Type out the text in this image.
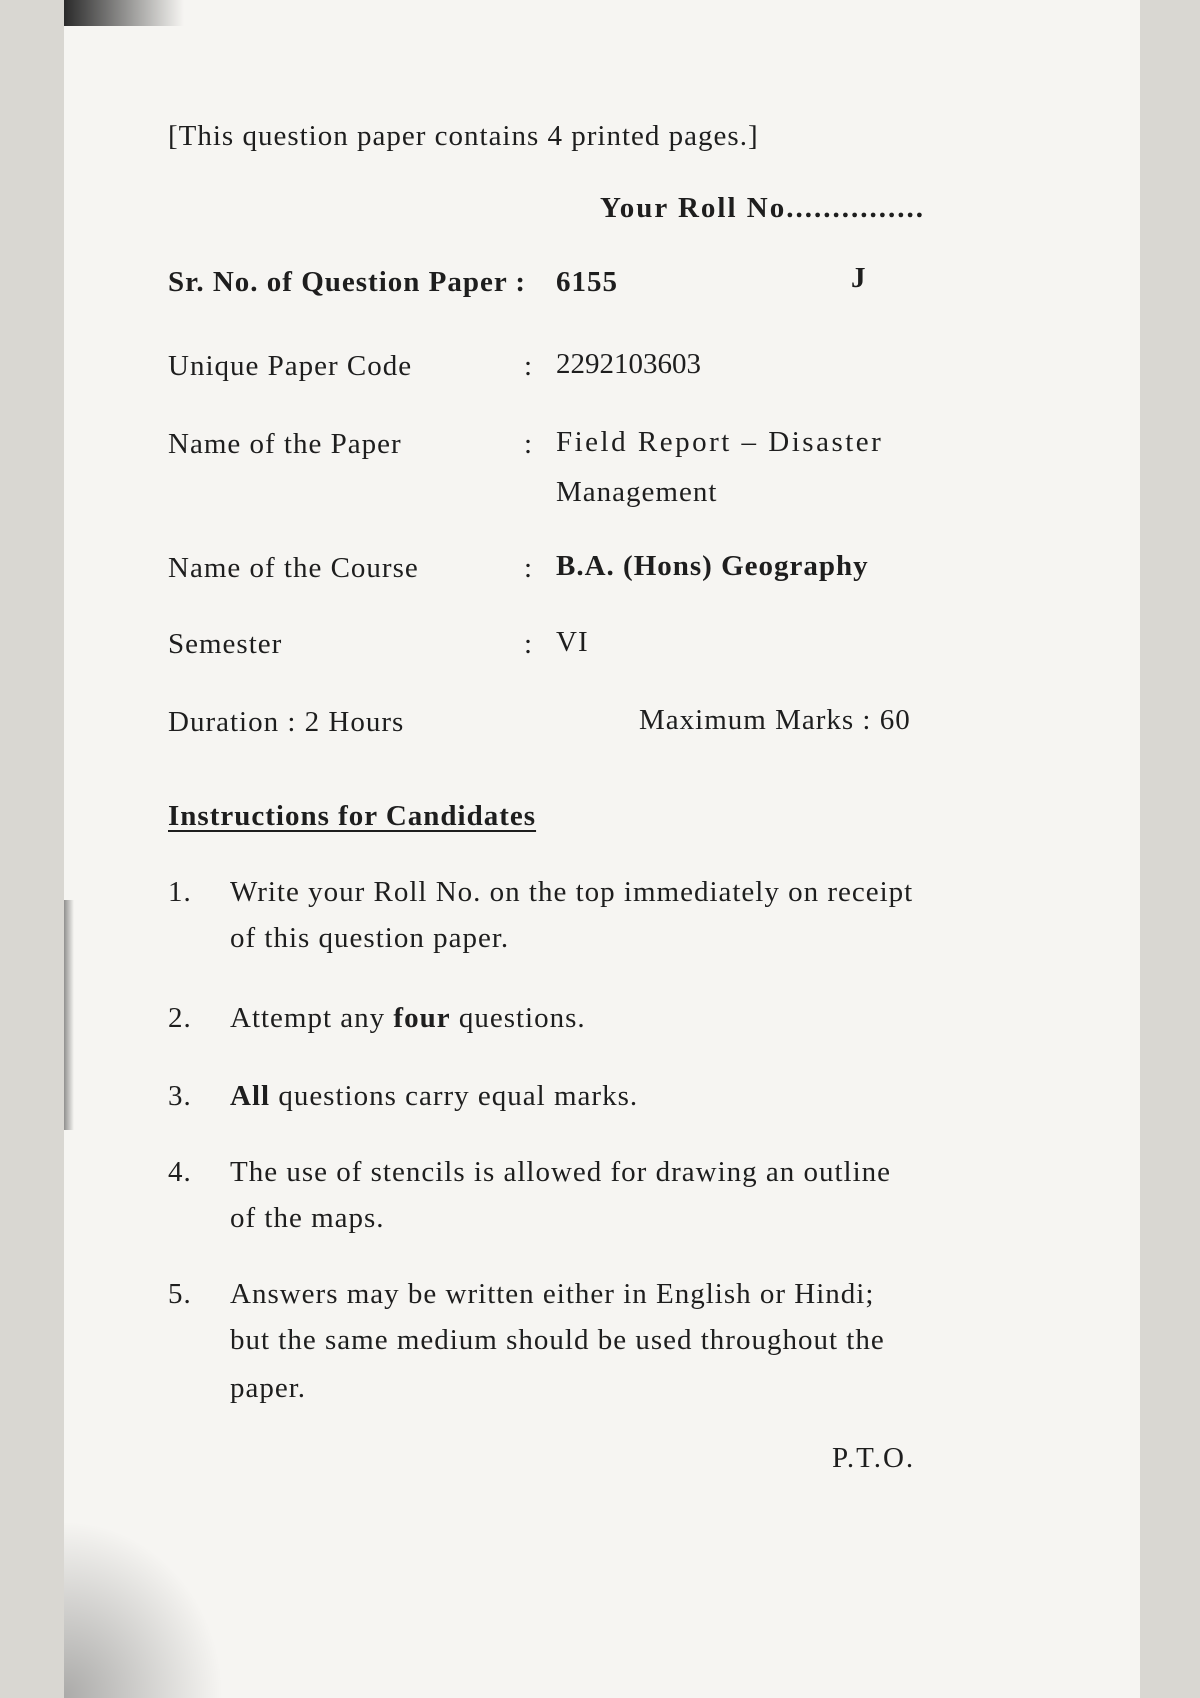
[This question paper contains 4 printed pages.]
Your Roll No...............
Sr. No. of Question Paper : 6155	J
Unique Paper Code	: 2292103603
Name of the Paper	: Field Report – Disaster
Management
Name of the Course	: B.A. (Hons) Geography
Semester	: VI
Duration : 2 Hours	Maximum Marks : 60
Instructions for Candidates
1. Write your Roll No. on the top immediately on receipt
of this question paper.
2. Attempt any four questions.
3. All questions carry equal marks.
4. The use of stencils is allowed for drawing an outline
of the maps.
5. Answers may be written either in English or Hindi;
but the same medium should be used throughout the
paper.
P.T.O.
